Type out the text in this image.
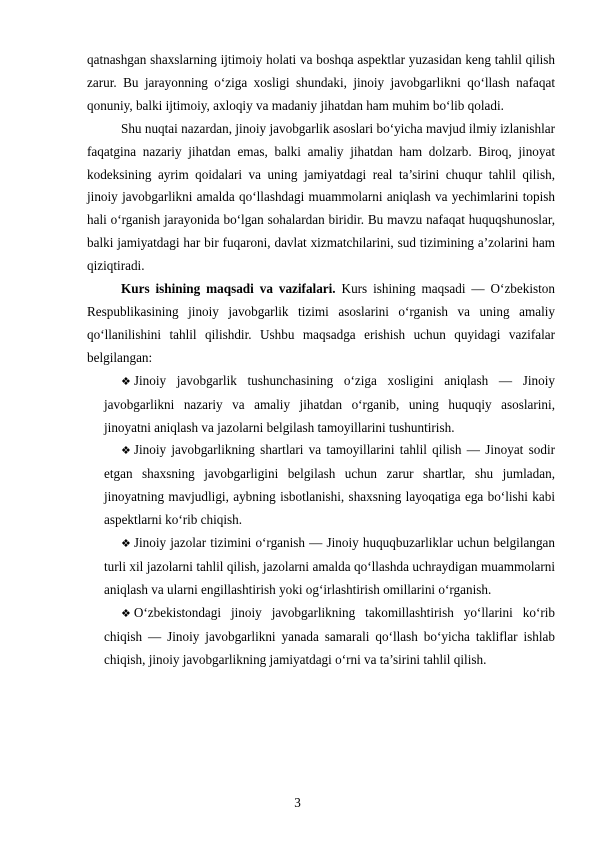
qatnashgan shaxslarning ijtimoiy holati va boshqa aspektlar yuzasidan keng tahlil qilish zarur. Bu jarayonning o‘ziga xosligi shundaki, jinoiy javobgarlikni qo‘llash nafaqat qonuniy, balki ijtimoiy, axloqiy va madaniy jihatdan ham muhim bo‘lib qoladi.

Shu nuqtai nazardan, jinoiy javobgarlik asoslari bo‘yicha mavjud ilmiy izlanishlar faqatgina nazariy jihatdan emas, balki amaliy jihatdan ham dolzarb. Biroq, jinoyat kodeksining ayrim qoidalari va uning jamiyatdagi real ta’sirini chuqur tahlil qilish, jinoiy javobgarlikni amalda qo‘llashdagi muammolarni aniqlash va yechimlarini topish hali o‘rganish jarayonida bo‘lgan sohalardan biridir. Bu mavzu nafaqat huquqshunoslar, balki jamiyatdagi har bir fuqaroni, davlat xizmatchilarini, sud tizimining a’zolarini ham qiziqtiradi.

Kurs ishining maqsadi va vazifalari. Kurs ishining maqsadi — O‘zbekiston Respublikasining jinoiy javobgarlik tizimi asoslarini o‘rganish va uning amaliy qo‘llanilishini tahlil qilishdir. Ushbu maqsadga erishish uchun quyidagi vazifalar belgilangan:

❖ Jinoiy javobgarlik tushunchasining o‘ziga xosligini aniqlash — Jinoiy javobgarlikni nazariy va amaliy jihatdan o‘rganib, uning huquqiy asoslarini, jinoyatni aniqlash va jazolarni belgilash tamoyillarini tushuntirish.
❖ Jinoiy javobgarlikning shartlari va tamoyillarini tahlil qilish — Jinoyat sodir etgan shaxsning javobgarligini belgilash uchun zarur shartlar, shu jumladan, jinoyatning mavjudligi, aybning isbotlanishi, shaxsning layoqatiga ega bo‘lishi kabi aspektlarni ko‘rib chiqish.
❖ Jinoiy jazolar tizimini o‘rganish — Jinoiy huquqbuzarliklar uchun belgilangan turli xil jazolarni tahlil qilish, jazolarni amalda qo‘llashda uchraydigan muammolarni aniqlash va ularni engillashtirish yoki og‘irlashtirish omillarini o‘rganish.
❖ O‘zbekistondagi jinoiy javobgarlikning takomillashtirish yo‘llarini ko‘rib chiqish — Jinoiy javobgarlikni yanada samarali qo‘llash bo‘yicha takliflar ishlab chiqish, jinoiy javobgarlikning jamiyatdagi o‘rni va ta’sirini tahlil qilish.
3
